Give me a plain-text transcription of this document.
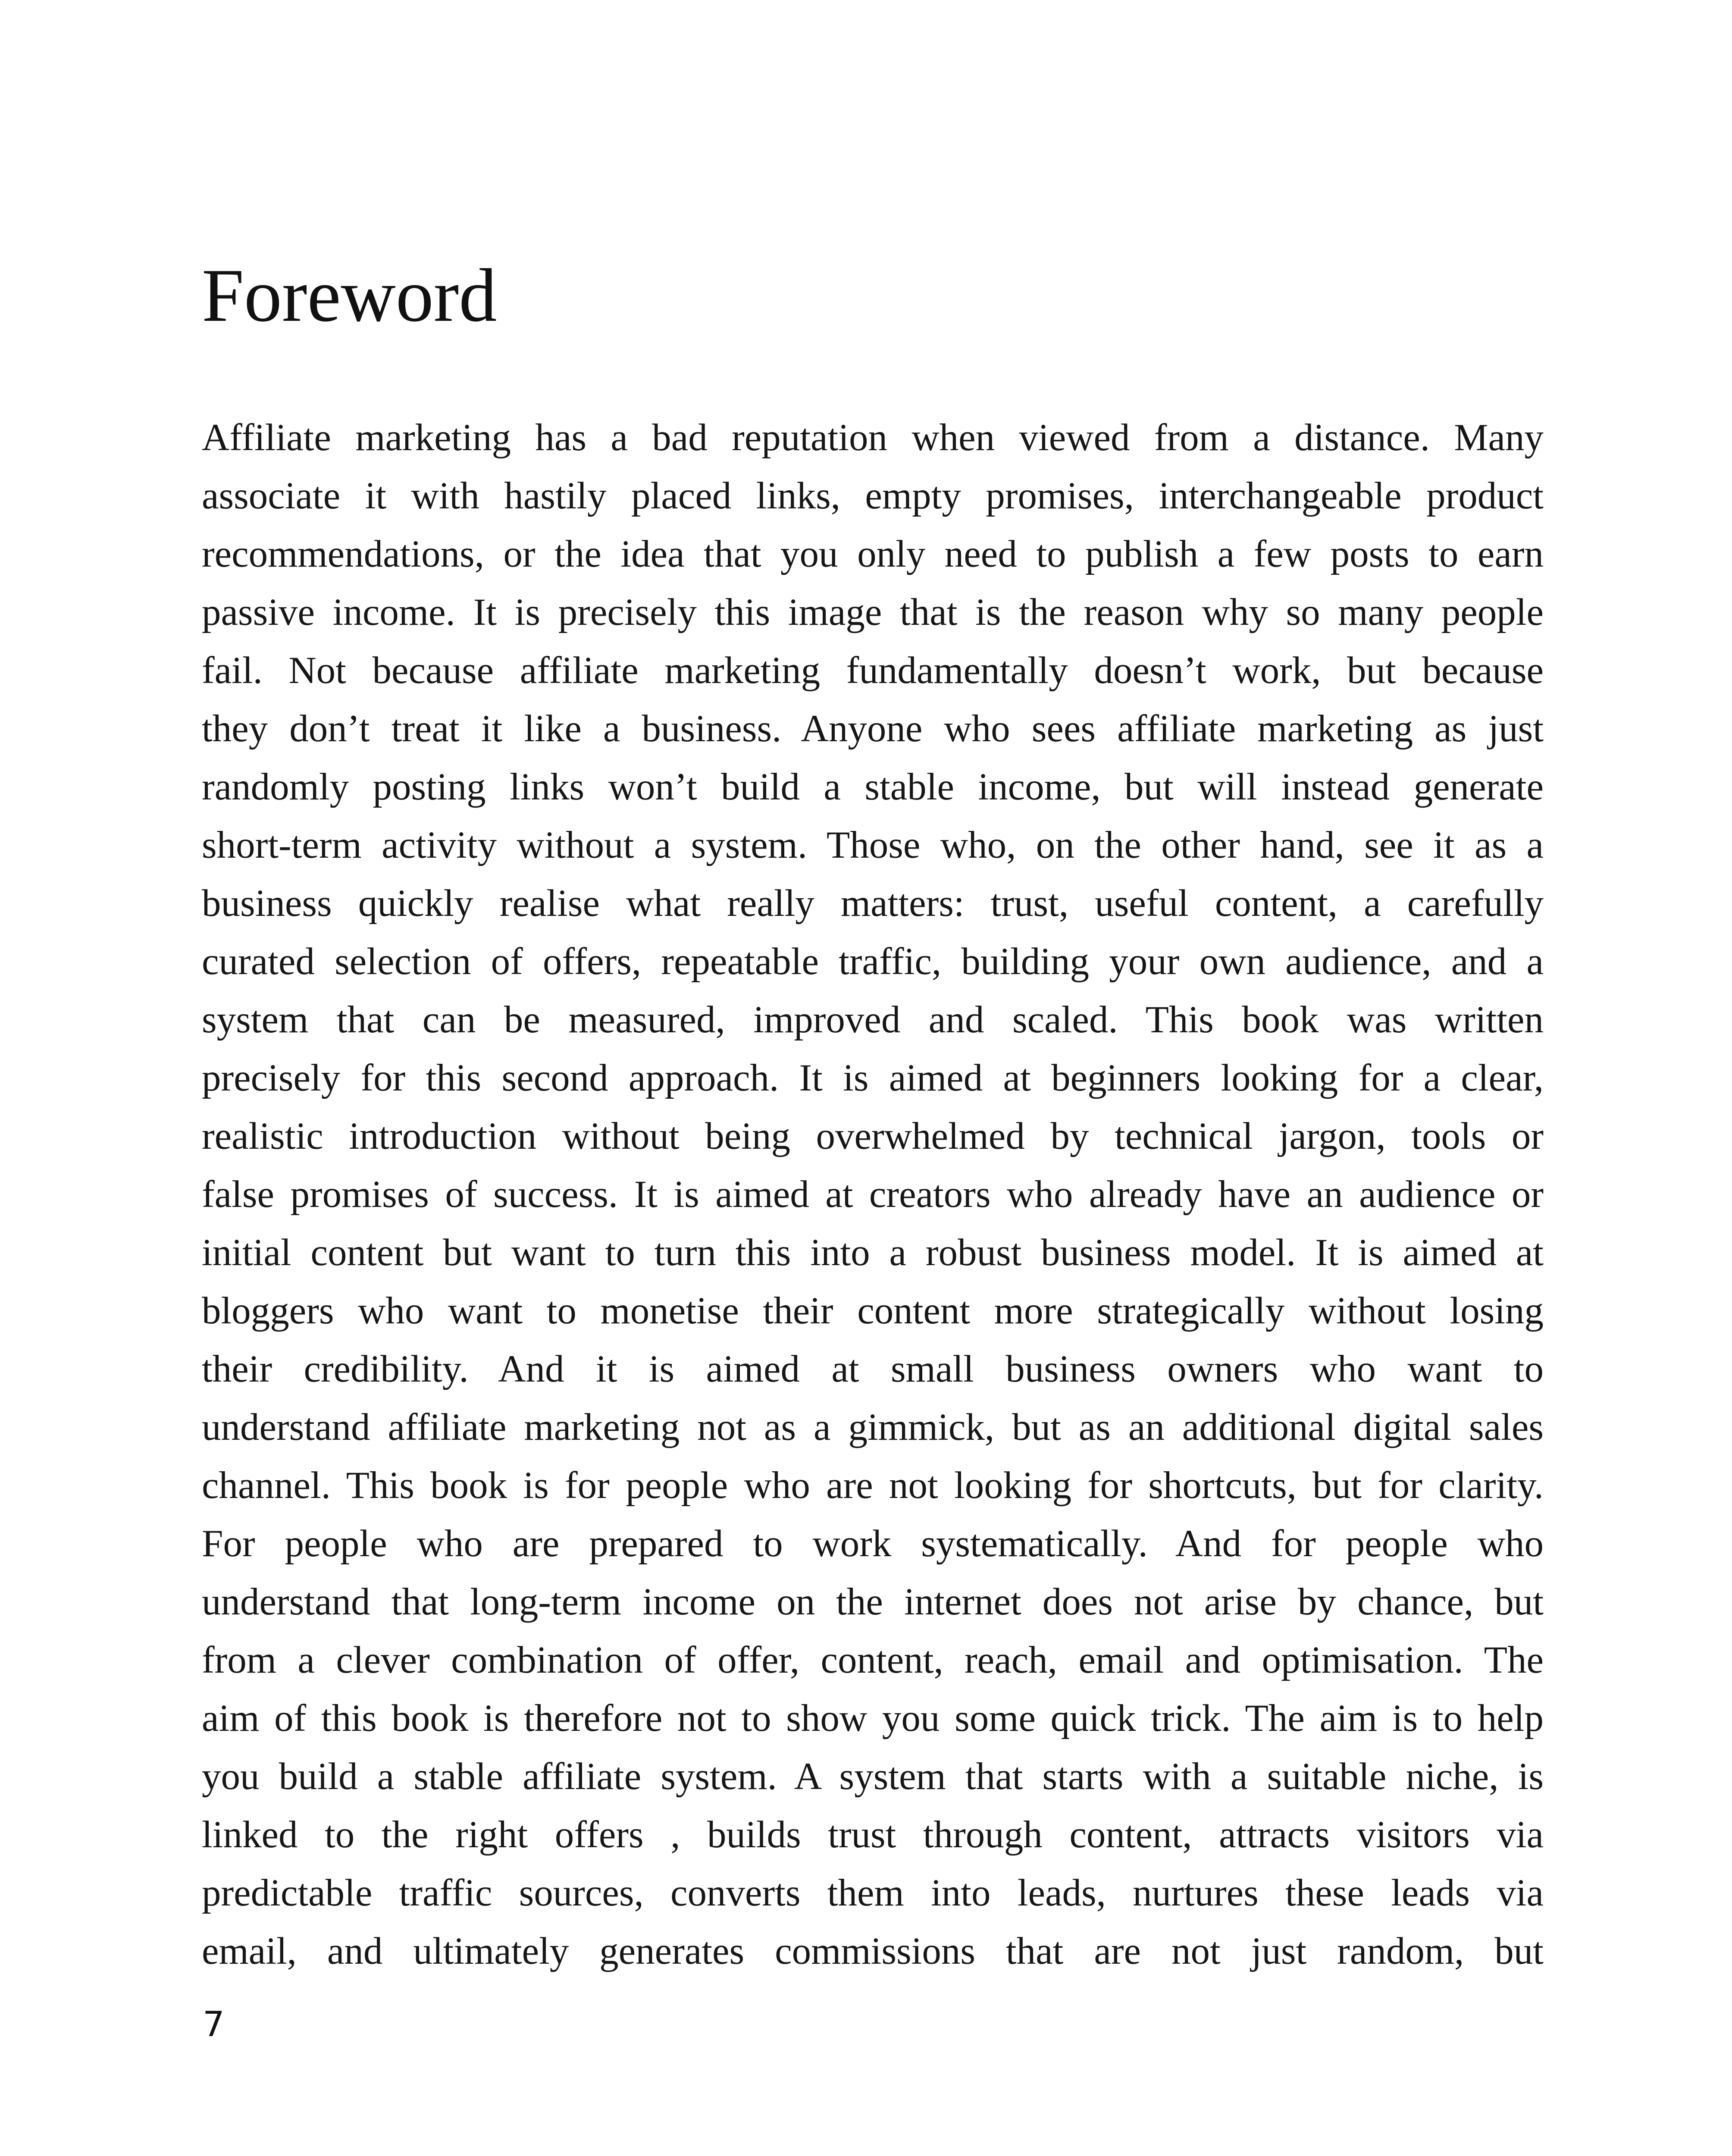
Foreword
Affiliate marketing has a bad reputation when viewed from a distance. Many
associate it with hastily placed links, empty promises, interchangeable product
recommendations, or the idea that you only need to publish a few posts to earn
passive income. It is precisely this image that is the reason why so many people
fail. Not because affiliate marketing fundamentally doesn’t work, but because
they don’t treat it like a business. Anyone who sees affiliate marketing as just
randomly posting links won’t build a stable income, but will instead generate
short-term activity without a system. Those who, on the other hand, see it as a
business quickly realise what really matters: trust, useful content, a carefully
curated selection of offers, repeatable traffic, building your own audience, and a
system that can be measured, improved and scaled. This book was written
precisely for this second approach. It is aimed at beginners looking for a clear,
realistic introduction without being overwhelmed by technical jargon, tools or
false promises of success. It is aimed at creators who already have an audience or
initial content but want to turn this into a robust business model. It is aimed at
bloggers who want to monetise their content more strategically without losing
their credibility. And it is aimed at small business owners who want to
understand affiliate marketing not as a gimmick, but as an additional digital sales
channel. This book is for people who are not looking for shortcuts, but for clarity.
For people who are prepared to work systematically. And for people who
understand that long-term income on the internet does not arise by chance, but
from a clever combination of offer, content, reach, email and optimisation. The
aim of this book is therefore not to show you some quick trick. The aim is to help
you build a stable affiliate system. A system that starts with a suitable niche, is
linked to the right offers , builds trust through content, attracts visitors via
predictable traffic sources, converts them into leads, nurtures these leads via
email, and ultimately generates commissions that are not just random, but
7
